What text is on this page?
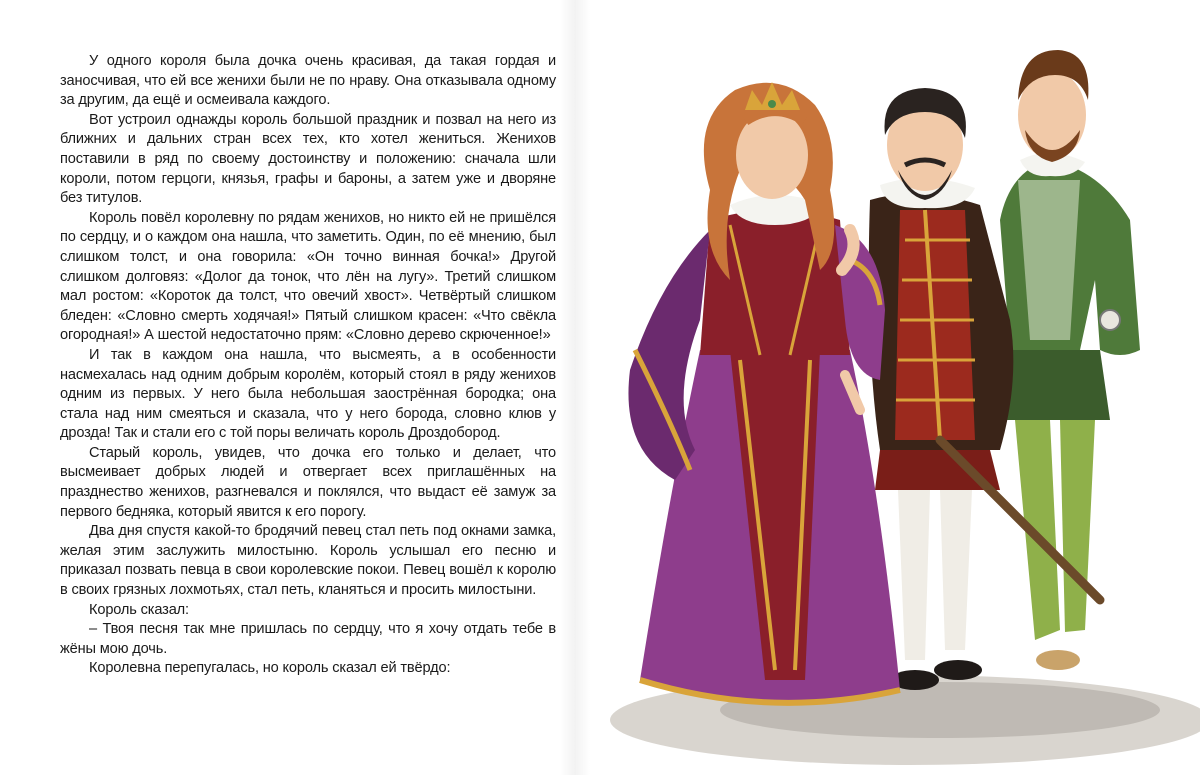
У одного короля была дочка очень красивая, да такая гордая и заносчивая, что ей все женихи были не по нраву. Она отказывала одному за другим, да ещё и осмеивала каждого.

Вот устроил однажды король большой праздник и позвал на него из ближних и дальних стран всех тех, кто хотел жениться. Женихов поставили в ряд по своему достоинству и положению: сначала шли короли, потом герцоги, князья, графы и бароны, а затем уже и дворяне без титулов.

Король повёл королевну по рядам женихов, но никто ей не пришёлся по сердцу, и о каждом она нашла, что заметить. Один, по её мнению, был слишком толст, и она говорила: «Он точно винная бочка!» Другой слишком долговяз: «Долог да тонок, что лён на лугу». Третий слишком мал ростом: «Короток да толст, что овечий хвост». Четвёртый слишком бледен: «Словно смерть ходячая!» Пятый слишком красен: «Что свёкла огородная!» А шестой недостаточно прям: «Словно дерево скрюченное!»

И так в каждом она нашла, что высмеять, а в особенности насмехалась над одним добрым королём, который стоял в ряду женихов одним из первых. У него была небольшая заострённая бородка; она стала над ним смеяться и сказала, что у него борода, словно клюв у дрозда! Так и стали его с той поры величать король Дроздобород.

Старый король, увидев, что дочка его только и делает, что высмеивает добрых людей и отвергает всех приглашённых на празднество женихов, разгневался и поклялся, что выдаст её замуж за первого бедняка, который явится к его порогу.

Два дня спустя какой-то бродячий певец стал петь под окнами замка, желая этим заслужить милостыню. Король услышал его песню и приказал позвать певца в свои королевские покои. Певец вошёл к королю в своих грязных лохмотьях, стал петь, кланяться и просить милостыни.

Король сказал:

– Твоя песня так мне пришлась по сердцу, что я хочу отдать тебе в жёны мою дочь.

Королевна перепугалась, но король сказал ей твёрдо:
